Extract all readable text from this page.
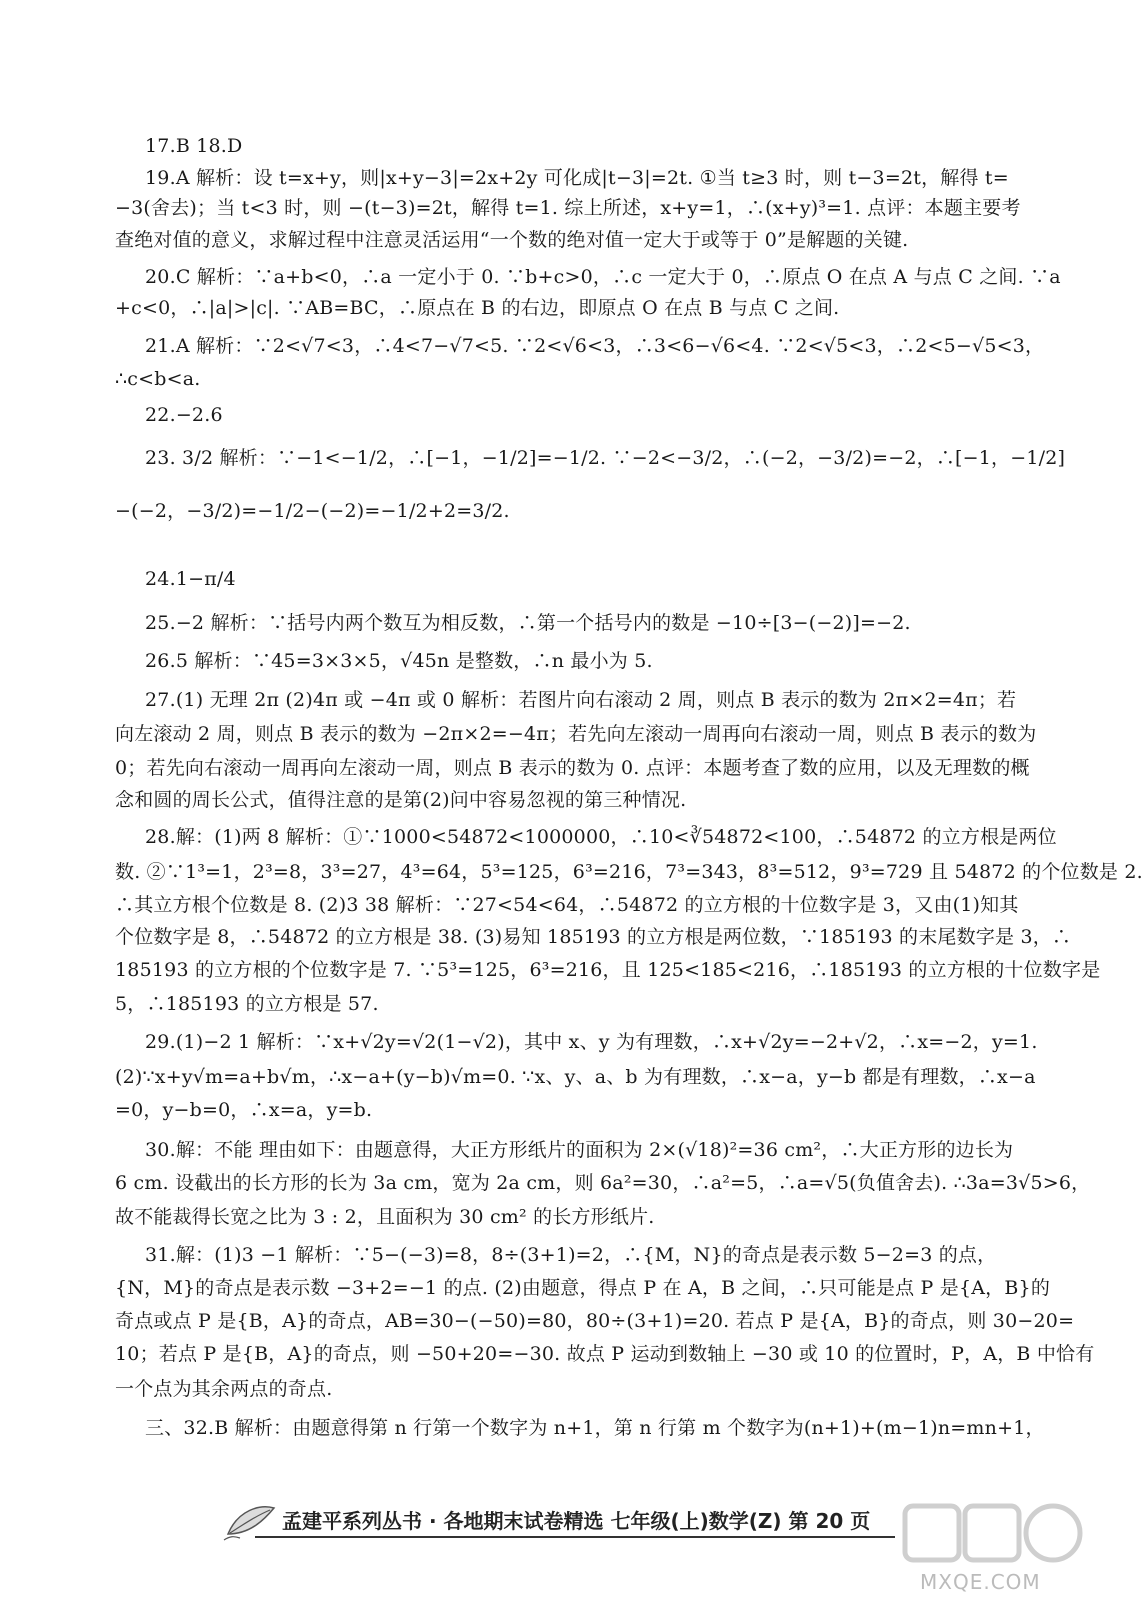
17.B 18.D
19.A 解析：设 t=x+y，则|x+y−3|=2x+2y 可化成|t−3|=2t. ①当 t≥3 时，则 t−3=2t，解得 t=
−3(舍去)；当 t<3 时，则 −(t−3)=2t，解得 t=1. 综上所述，x+y=1，∴(x+y)³=1. 点评：本题主要考
查绝对值的意义，求解过程中注意灵活运用“一个数的绝对值一定大于或等于 0”是解题的关键.
20.C 解析：∵a+b<0，∴a 一定小于 0. ∵b+c>0，∴c 一定大于 0，∴原点 O 在点 A 与点 C 之间. ∵a
+c<0，∴|a|>|c|. ∵AB=BC，∴原点在 B 的右边，即原点 O 在点 B 与点 C 之间.
21.A 解析：∵2<√7<3，∴4<7−√7<5. ∵2<√6<3，∴3<6−√6<4. ∵2<√5<3，∴2<5−√5<3，
∴c<b<a.
22.−2.6
23. 3/2 解析：∵−1<−1/2，∴[−1，−1/2]=−1/2. ∵−2<−3/2，∴(−2，−3/2)=−2，∴[−1，−1/2]
−(−2，−3/2)=−1/2−(−2)=−1/2+2=3/2.
24.1−π/4
25.−2 解析：∵括号内两个数互为相反数，∴第一个括号内的数是 −10÷[3−(−2)]=−2.
26.5 解析：∵45=3×3×5，√45n 是整数，∴n 最小为 5.
27.(1) 无理 2π (2)4π 或 −4π 或 0 解析：若图片向右滚动 2 周，则点 B 表示的数为 2π×2=4π；若
向左滚动 2 周，则点 B 表示的数为 −2π×2=−4π；若先向左滚动一周再向右滚动一周，则点 B 表示的数为
0；若先向右滚动一周再向左滚动一周，则点 B 表示的数为 0. 点评：本题考查了数的应用，以及无理数的概
念和圆的周长公式，值得注意的是第(2)问中容易忽视的第三种情况.
28.解：(1)两 8 解析：①∵1000<54872<1000000，∴10<∛54872<100，∴54872 的立方根是两位
数. ②∵1³=1，2³=8，3³=27，4³=64，5³=125，6³=216，7³=343，8³=512，9³=729 且 54872 的个位数是 2.
∴其立方根个位数是 8. (2)3 38 解析：∵27<54<64，∴54872 的立方根的十位数字是 3，又由(1)知其
个位数字是 8，∴54872 的立方根是 38. (3)易知 185193 的立方根是两位数，∵185193 的末尾数字是 3，∴
185193 的立方根的个位数字是 7. ∵5³=125，6³=216，且 125<185<216，∴185193 的立方根的十位数字是
5，∴185193 的立方根是 57.
29.(1)−2 1 解析：∵x+√2y=√2(1−√2)，其中 x、y 为有理数，∴x+√2y=−2+√2，∴x=−2，y=1.
(2)∵x+y√m=a+b√m，∴x−a+(y−b)√m=0. ∵x、y、a、b 为有理数，∴x−a，y−b 都是有理数，∴x−a
=0，y−b=0，∴x=a，y=b.
30.解：不能 理由如下：由题意得，大正方形纸片的面积为 2×(√18)²=36 cm²，∴大正方形的边长为
6 cm. 设截出的长方形的长为 3a cm，宽为 2a cm，则 6a²=30，∴a²=5，∴a=√5(负值舍去). ∴3a=3√5>6，
故不能裁得长宽之比为 3 : 2，且面积为 30 cm² 的长方形纸片.
31.解：(1)3 −1 解析：∵5−(−3)=8，8÷(3+1)=2，∴{M，N}的奇点是表示数 5−2=3 的点，
{N，M}的奇点是表示数 −3+2=−1 的点. (2)由题意，得点 P 在 A，B 之间，∴只可能是点 P 是{A，B}的
奇点或点 P 是{B，A}的奇点，AB=30−(−50)=80，80÷(3+1)=20. 若点 P 是{A，B}的奇点，则 30−20=
10；若点 P 是{B，A}的奇点，则 −50+20=−30. 故点 P 运动到数轴上 −30 或 10 的位置时，P，A，B 中恰有
一个点为其余两点的奇点.
三、32.B 解析：由题意得第 n 行第一个数字为 n+1，第 n 行第 m 个数字为(n+1)+(m−1)n=mn+1，
孟建平系列丛书 · 各地期末试卷精选 七年级(上)数学(Z) 第 20 页
MXQE.COM
